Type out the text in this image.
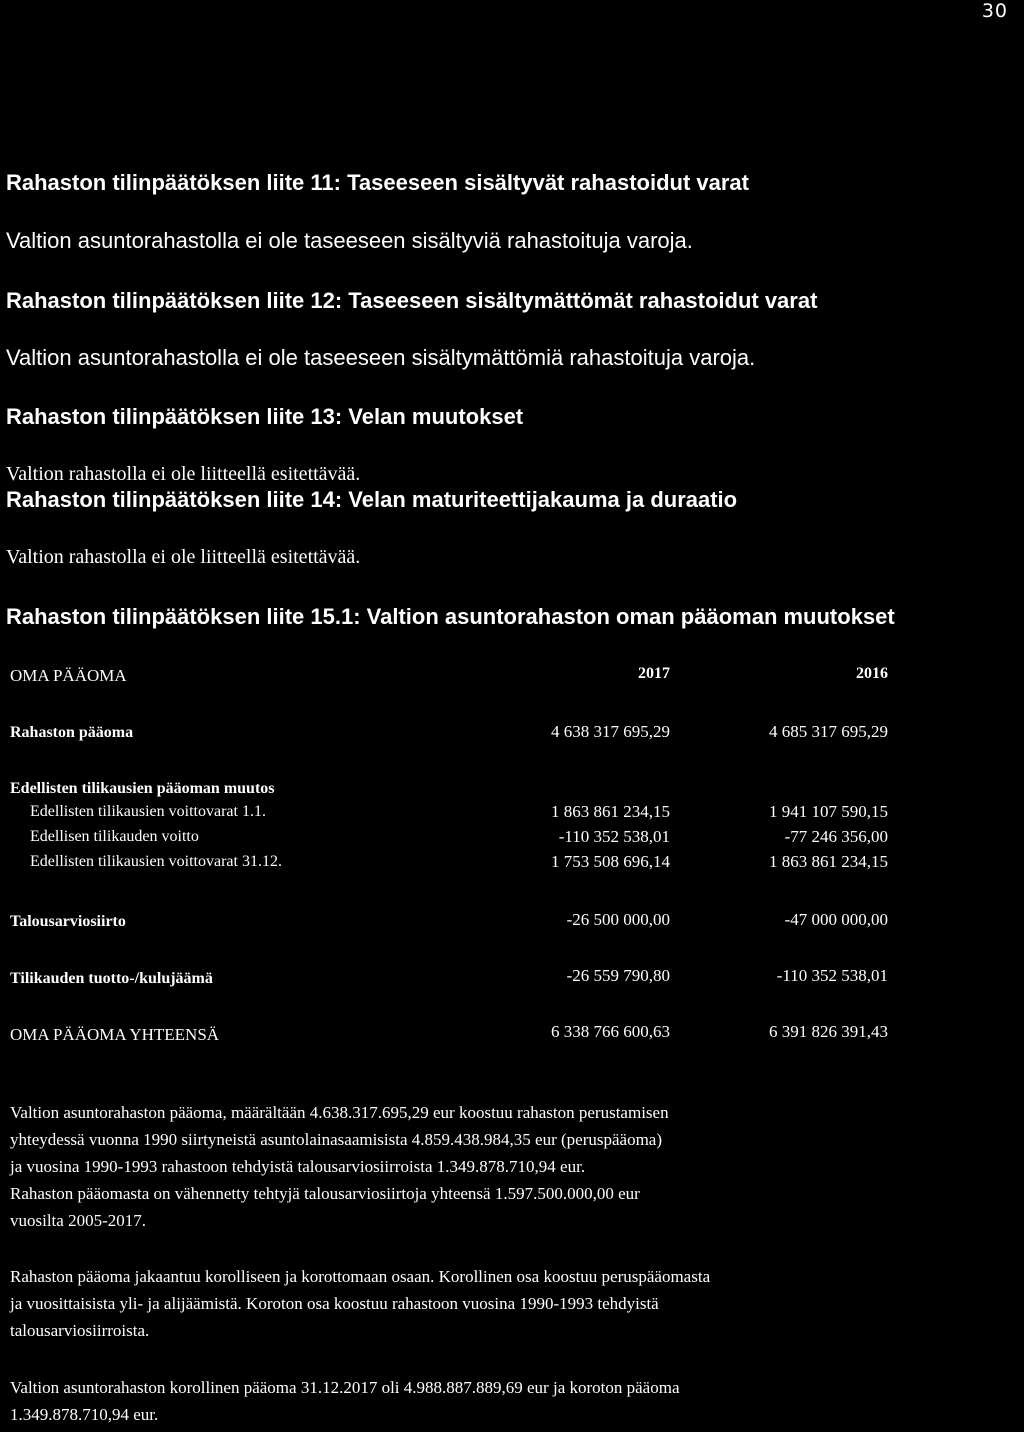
30
Rahaston tilinpäätöksen liite 11: Taseeseen sisältyvät rahastoidut varat
Valtion asuntorahastolla ei ole taseeseen sisältyviä rahastoituja varoja.
Rahaston tilinpäätöksen liite 12: Taseeseen sisältymättömät rahastoidut varat
Valtion asuntorahastolla ei ole taseeseen sisältymättömiä rahastoituja varoja.
Rahaston tilinpäätöksen liite 13: Velan muutokset
Valtion rahastolla ei ole liitteellä esitettävää.
Rahaston tilinpäätöksen liite 14: Velan maturiteettijakauma ja duraatio
Valtion rahastolla ei ole liitteellä esitettävää.
Rahaston tilinpäätöksen liite 15.1: Valtion asuntorahaston oman pääoman muutokset
OMA PÄÄOMA	2017	2016
Rahaston pääoma	4 638 317 695,29	4 685 317 695,29
Edellisten tilikausien pääoman muutos
Edellisten tilikausien voittovarat 1.1.	1 863 861 234,15	1 941 107 590,15
Edellisen tilikauden voitto	-110 352 538,01	-77 246 356,00
Edellisten tilikausien voittovarat 31.12.	1 753 508 696,14	1 863 861 234,15
Talousarviosiirto	-26 500 000,00	-47 000 000,00
Tilikauden tuotto-/kulujäämä	-26 559 790,80	-110 352 538,01
OMA PÄÄOMA YHTEENSÄ	6 338 766 600,63	6 391 826 391,43
Valtion asuntorahaston pääoma, määrältään 4.638.317.695,29 eur koostuu rahaston perustamisen
yhteydessä vuonna 1990 siirtyneistä asuntolainasaamisista 4.859.438.984,35 eur (peruspääoma)
ja vuosina 1990-1993 rahastoon tehdyistä talousarviosiirroista 1.349.878.710,94 eur.
Rahaston pääomasta on vähennetty tehtyjä talousarviosiirtoja yhteensä 1.597.500.000,00 eur
vuosilta 2005-2017.
Rahaston pääoma jakaantuu korolliseen ja korottomaan osaan. Korollinen osa koostuu peruspääomasta
ja vuosittaisista yli- ja alijäämistä. Koroton osa koostuu rahastoon vuosina 1990-1993 tehdyistä
talousarviosiirroista.
Valtion asuntorahaston korollinen pääoma 31.12.2017 oli 4.988.887.889,69 eur ja koroton pääoma
1.349.878.710,94 eur.
